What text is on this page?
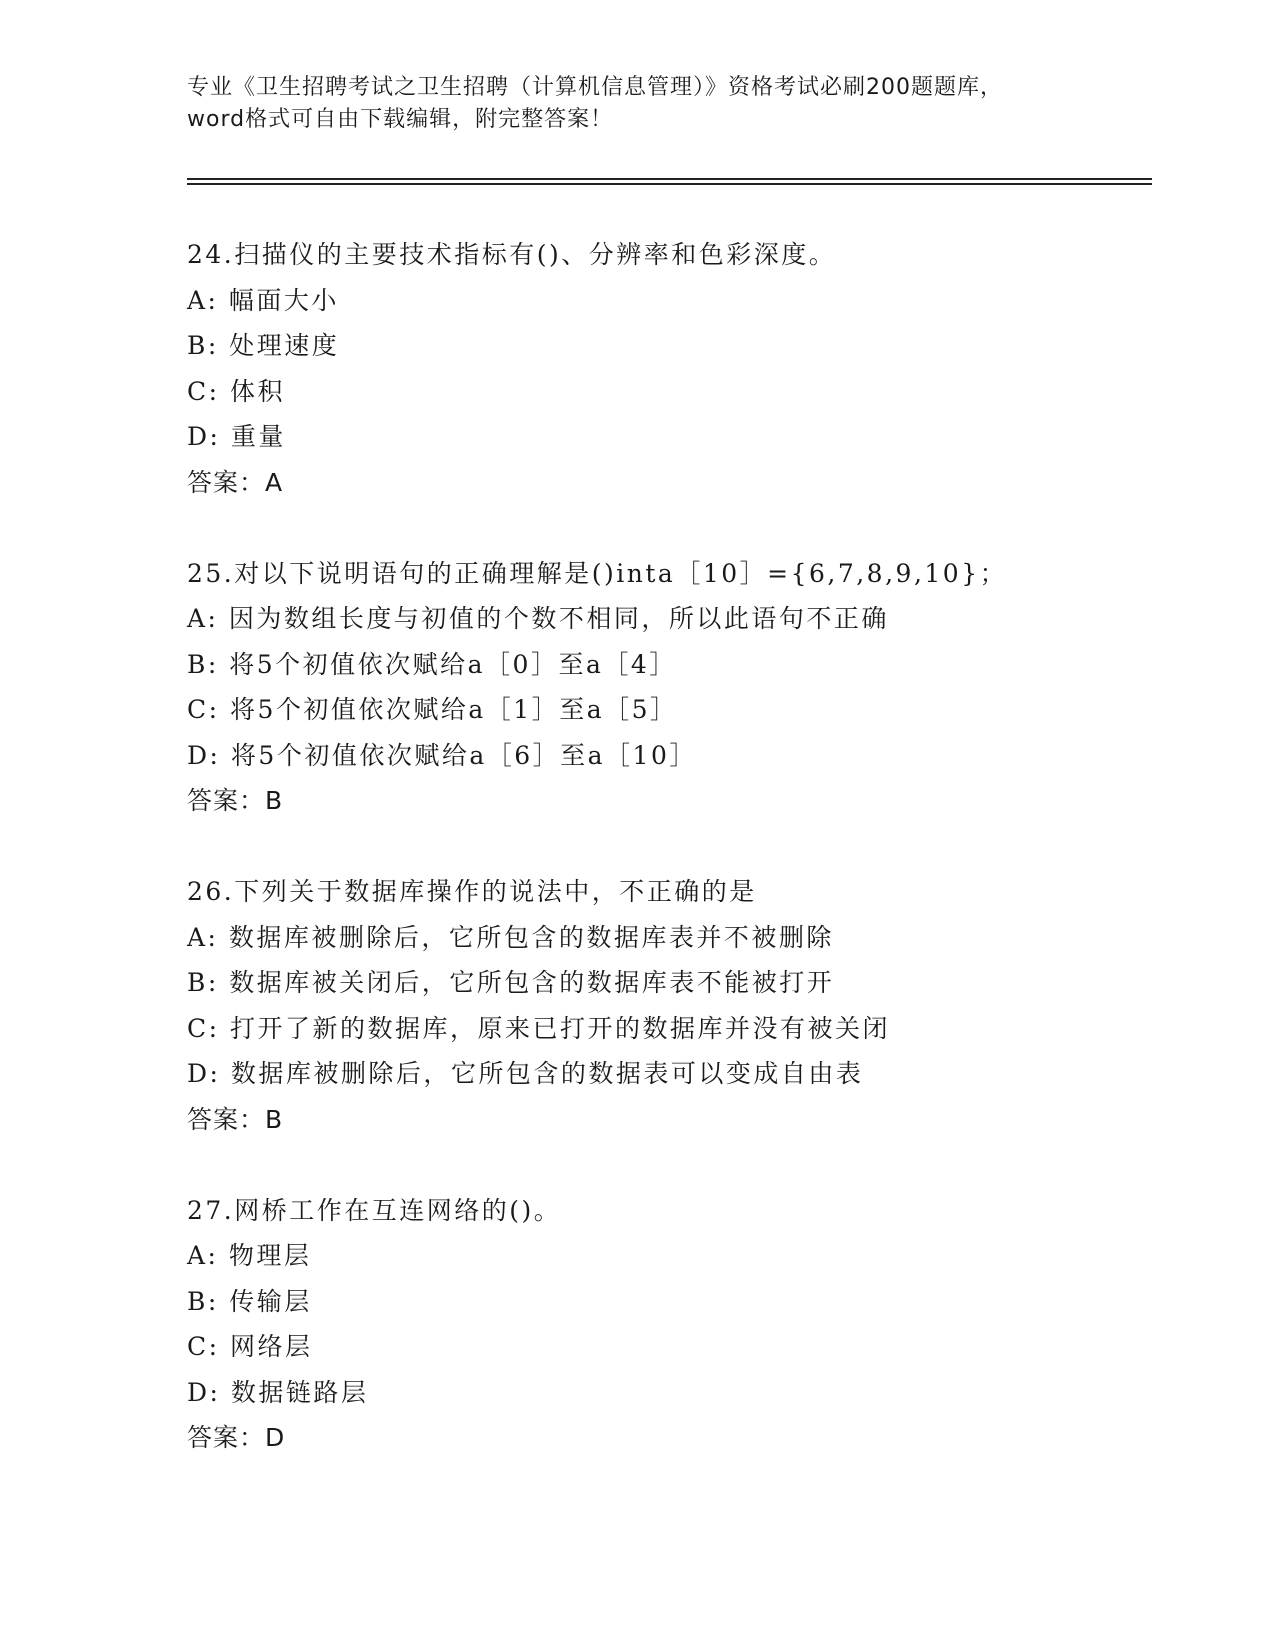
专业《卫生招聘考试之卫生招聘（计算机信息管理）》资格考试必刷200题题库，
word格式可自由下载编辑，附完整答案！
24.扫描仪的主要技术指标有()、分辨率和色彩深度。
A: 幅面大小
B: 处理速度
C: 体积
D: 重量
答案：A
25.对以下说明语句的正确理解是()inta［10］={6,7,8,9,10}；
A: 因为数组长度与初值的个数不相同，所以此语句不正确
B: 将5个初值依次赋给a［0］至a［4］
C: 将5个初值依次赋给a［1］至a［5］
D: 将5个初值依次赋给a［6］至a［10］
答案：B
26.下列关于数据库操作的说法中，不正确的是
A: 数据库被删除后，它所包含的数据库表并不被删除
B: 数据库被关闭后，它所包含的数据库表不能被打开
C: 打开了新的数据库，原来已打开的数据库并没有被关闭
D: 数据库被删除后，它所包含的数据表可以变成自由表
答案：B
27.网桥工作在互连网络的()。
A: 物理层
B: 传输层
C: 网络层
D: 数据链路层
答案：D
